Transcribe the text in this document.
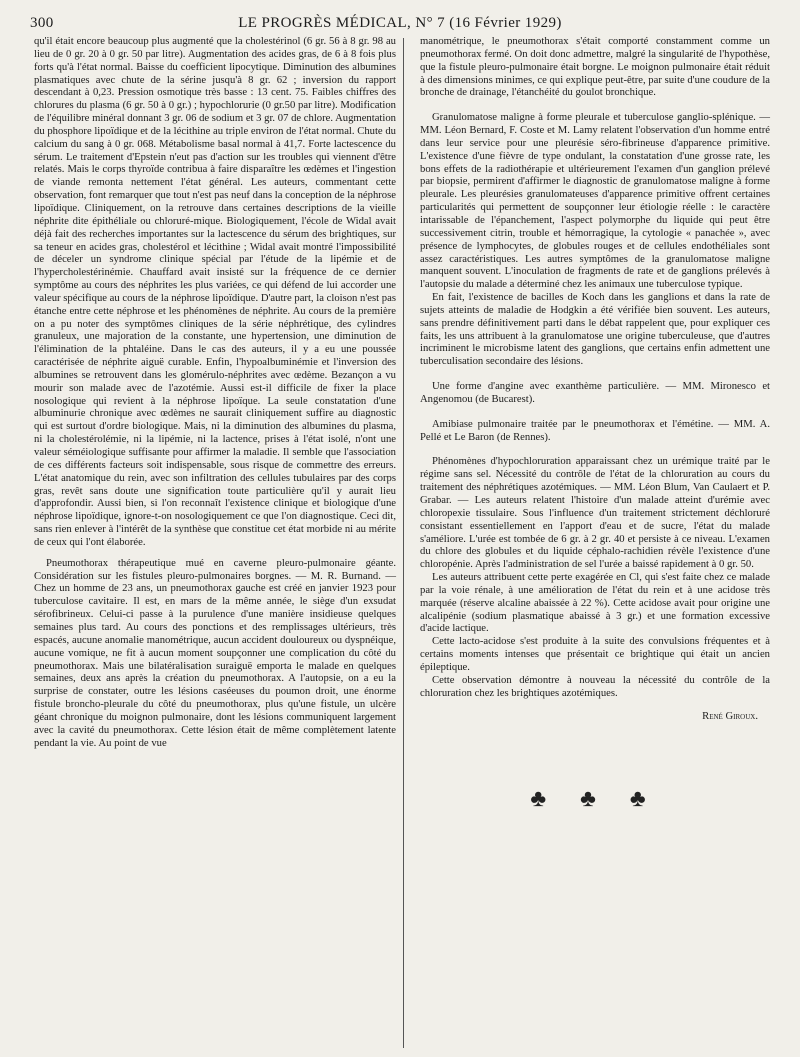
300	LE PROGRÈS MÉDICAL, N° 7 (16 Février 1929)

qu'il était encore beaucoup plus augmenté que la cholestérinol (6 gr. 56 à 8 gr. 98 au lieu de 0 gr. 20 à 0 gr. 50 par litre). Augmentation des acides gras, de 6 à 8 fois plus forts qu'à l'état normal. Baisse du coefficient lipocytique. Diminution des albumines plasmatiques avec chute de la sérine jusqu'à 8 gr. 62 ; inversion du rapport descendant à 0,23. Pression osmotique très basse : 13 cent. 75. Faibles chiffres des chlorures du plasma (6 gr. 50 à 0 gr.) ; hypochlorurie (0 gr.50 par litre). Modification de l'équilibre minéral donnant 3 gr. 06 de sodium et 3 gr. 07 de chlore. Augmentation du phosphore lipoïdique et de la lécithine au triple environ de l'état normal. Chute du calcium du sang à 0 gr. 068. Métabolisme basal normal à 41,7. Forte lactescence du sérum. Le traitement d'Epstein n'eut pas d'action sur les troubles qui viennent d'être relatés. Mais le corps thyroïde contribua à faire disparaître les œdèmes et l'ingestion de viande remonta nettement l'état général. Les auteurs, commentant cette observation, font remarquer que tout n'est pas neuf dans la conception de la néphrose lipoïdique. Cliniquement, on la retrouve dans certaines descriptions de la vieille néphrite dite épithéliale ou chloruré-mique. Biologiquement, l'école de Widal avait déjà fait des recherches importantes sur la lactescence du sérum des brightiques, sur sa teneur en acides gras, cholestérol et lécithine ; Widal avait montré l'impossibilité de déceler un syndrome clinique spécial par l'étude de la lipémie et de l'hypercholestérinémie. Chauffard avait insisté sur la fréquence de ce dernier symptôme au cours des néphrites les plus variées, ce qui défend de lui accorder une valeur spécifique au cours de la néphrose lipoïdique. D'autre part, la cloison n'est pas étanche entre cette néphrose et les phénomènes de néphrite. Au cours de la première on a pu noter des symptômes cliniques de la série néphrétique, des cylindres granuleux, une majoration de la constante, une hypertension, une diminution de l'élimination de la phtaléine. Dans le cas des auteurs, il y a eu une poussée caractérisée de néphrite aiguë curable. Enfin, l'hypoalbuminémie et l'inversion des albumines se retrouvent dans les glomérulo-néphrites avec œdème. Bezançon a vu mourir son malade avec de l'azotémie. Aussi est-il difficile de fixer la place nosologique qui revient à la néphrose lipoïque. La seule constatation d'une albuminurie chronique avec œdèmes ne saurait cliniquement suffire au diagnostic qui est surtout d'ordre biologique. Mais, ni la diminution des albumines du plasma, ni la cholestérolémie, ni la lipémie, ni la lactence, prises à l'état isolé, n'ont une valeur séméiologique suffisante pour affirmer la maladie. Il semble que l'association de ces différents facteurs soit indispensable, sous risque de commettre des erreurs. L'état anatomique du rein, avec son infiltration des cellules tubulaires par des corps gras, revêt sans doute une signification toute particulière qu'il y aurait lieu d'approfondir. Aussi bien, si l'on reconnaît l'existence clinique et biologique d'une néphrose lipoïdique, ignore-t-on nosologiquement ce que l'on diagnostique. Ceci dit, sans rien enlever à l'intérêt de la synthèse que constitue cet état morbide ni au mérite de ceux qui l'ont élaborée.

Pneumothorax thérapeutique mué en caverne pleuro-pulmonaire géante. Considération sur les fistules pleuro-pulmonaires borgnes. — M. R. Burnand. — Chez un homme de 23 ans, un pneumothorax gauche est créé en janvier 1923 pour tuberculose cavitaire. Il est, en mars de la même année, le siège d'un exsudat sérofibrineux. Celui-ci passe à la purulence d'une manière insidieuse quelques semaines plus tard. Au cours des ponctions et des remplissages ultérieurs, très espacés, aucune anomalie manométrique, aucun accident douloureux ou dyspnéique, aucune vomique, ne fit à aucun moment soupçonner une complication du côté du pneumothorax. Mais une bilatéralisation suraiguë emporta le malade en quelques semaines, deux ans après la création du pneumothorax. A l'autopsie, on a eu la surprise de constater, outre les lésions caséeuses du poumon droit, une énorme fistule broncho-pleurale du côté du pneumothorax, plus qu'une fistule, un ulcère géant chronique du moignon pulmonaire, dont les lésions communiquent largement avec la cavité du pneumothorax. Cette lésion était de même complètement latente pendant la vie. Au point de vue

manométrique, le pneumothorax s'était comporté constamment comme un pneumothorax fermé. On doit donc admettre, malgré la singularité de l'hypothèse, que la fistule pleuro-pulmonaire était borgne. Le moignon pulmonaire était réduit à des dimensions minimes, ce qui explique peut-être, par suite d'une coudure de la bronche de drainage, l'étanchéité du goulot bronchique.

Granulomatose maligne à forme pleurale et tuberculose ganglio-splénique. — MM. Léon Bernard, F. Coste et M. Lamy relatent l'observation d'un homme entré dans leur service pour une pleurésie séro-fibrineuse d'apparence primitive. L'existence d'une fièvre de type ondulant, la constatation d'une grosse rate, les bons effets de la radiothérapie et ultérieurement l'examen d'un ganglion prélevé par biopsie, permirent d'affirmer le diagnostic de granulomatose maligne à forme pleurale. Les pleurésies granulomateuses d'apparence primitive offrent certaines particularités qui permettent de soupçonner leur étiologie réelle : le caractère intarissable de l'épanchement, l'aspect polymorphe du liquide qui peut être successivement citrin, trouble et hémorragique, la cytologie « panachée », avec présence de lymphocytes, de globules rouges et de cellules endothéliales sont assez caractéristiques. Les autres symptômes de la granulomatose maligne manquent souvent. L'inoculation de fragments de rate et de ganglions prélevés à l'autopsie du malade a déterminé chez les animaux une tuberculose typique.

En fait, l'existence de bacilles de Koch dans les ganglions et dans la rate de sujets atteints de maladie de Hodgkin a été vérifiée bien souvent. Les auteurs, sans prendre définitivement parti dans le débat rappelent que, pour expliquer ces faits, les uns attribuent à la granulomatose une origine tuberculeuse, que d'autres incriminent le microbisme latent des ganglions, que certains enfin admettent une tuberculisation secondaire des lésions.

Une forme d'angine avec exanthème particulière. — MM. Mironesco et Angenomou (de Bucarest).

Amibiase pulmonaire traitée par le pneumothorax et l'émétine. — MM. A. Pellé et Le Baron (de Rennes).

Phénomènes d'hypochloruration apparaissant chez un urémique traité par le régime sans sel. Nécessité du contrôle de l'état de la chloruration au cours du traitement des néphrétiques azotémiques. — MM. Léon Blum, Van Caulaert et P. Grabar. — Les auteurs relatent l'histoire d'un malade atteint d'urémie avec chloropexie tissulaire. Sous l'influence d'un traitement strictement déchloruré consistant essentiellement en l'apport d'eau et de sucre, l'état du malade s'améliore. L'urée est tombée de 6 gr. à 2 gr. 40 et persiste à ce niveau. L'examen du chlore des globules et du liquide céphalo-rachidien révèle l'existence d'une chloropénie. Après l'administration de sel l'urée a baissé rapidement à 0 gr. 50.

Les auteurs attribuent cette perte exagérée en Cl, qui s'est faite chez ce malade par la voie rénale, à une amélioration de l'état du rein et à une acidose très marquée (réserve alcaline abaissée à 22 %). Cette acidose avait pour origine une alcalipénie (sodium plasmatique abaissé à 3 gr.) et une formation excessive d'acide lactique.

Cette lacto-acidose s'est produite à la suite des convulsions fréquentes et à certains moments intenses que présentait ce brightique qui était un ancien épileptique.

Cette observation démontre à nouveau la nécessité du contrôle de la chloruration chez les brightiques azotémiques.

René Giroux.

♣ ♣ ♣
